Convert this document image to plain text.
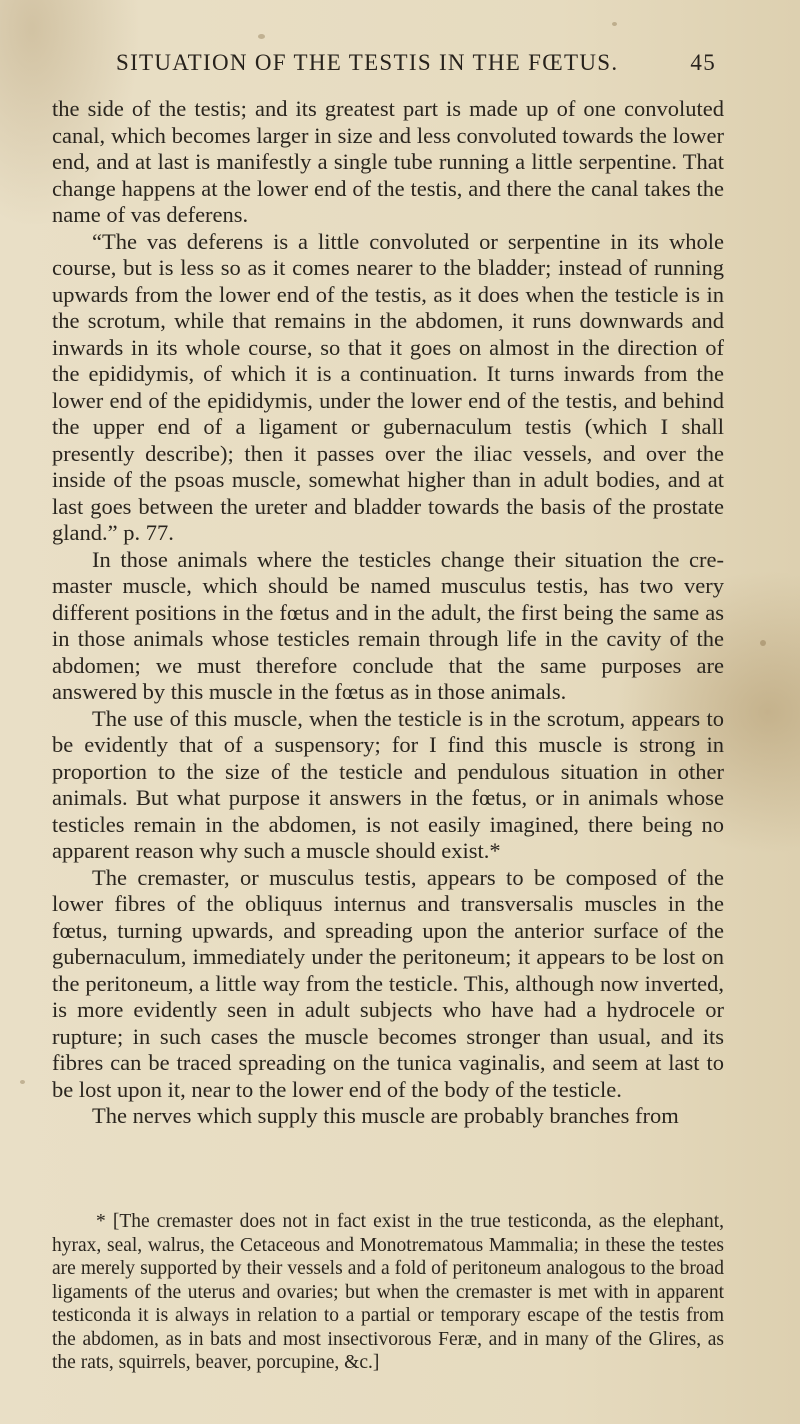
SITUATION OF THE TESTIS IN THE FŒTUS.	45

the side of the testis; and its greatest part is made up of one convoluted canal, which becomes larger in size and less convoluted towards the lower end, and at last is manifestly a single tube running a little serpentine. That change happens at the lower end of the testis, and there the canal takes the name of vas deferens.

“The vas deferens is a little convoluted or serpentine in its whole course, but is less so as it comes nearer to the bladder; instead of running upwards from the lower end of the testis, as it does when the testicle is in the scrotum, while that remains in the abdomen, it runs downwards and inwards in its whole course, so that it goes on almost in the direction of the epididymis, of which it is a continuation. It turns inwards from the lower end of the epididymis, under the lower end of the testis, and behind the upper end of a ligament or gubernaculum testis (which I shall presently describe); then it passes over the iliac vessels, and over the inside of the psoas muscle, somewhat higher than in adult bodies, and at last goes between the ureter and bladder towards the basis of the prostate gland.” p. 77.

In those animals where the testicles change their situation the cremaster muscle, which should be named musculus testis, has two very different positions in the fœtus and in the adult, the first being the same as in those animals whose testicles remain through life in the cavity of the abdomen; we must therefore conclude that the same purposes are answered by this muscle in the fœtus as in those animals.

The use of this muscle, when the testicle is in the scrotum, appears to be evidently that of a suspensory; for I find this muscle is strong in proportion to the size of the testicle and pendulous situation in other animals. But what purpose it answers in the fœtus, or in animals whose testicles remain in the abdomen, is not easily imagined, there being no apparent reason why such a muscle should exist.*

The cremaster, or musculus testis, appears to be composed of the lower fibres of the obliquus internus and transversalis muscles in the fœtus, turning upwards, and spreading upon the anterior surface of the gubernaculum, immediately under the peritoneum; it appears to be lost on the peritoneum, a little way from the testicle. This, although now inverted, is more evidently seen in adult subjects who have had a hydrocele or rupture; in such cases the muscle becomes stronger than usual, and its fibres can be traced spreading on the tunica vaginalis, and seem at last to be lost upon it, near to the lower end of the body of the testicle.

The nerves which supply this muscle are probably branches from

* [The cremaster does not in fact exist in the true testiconda, as the elephant, hyrax, seal, walrus, the Cetaceous and Monotrematous Mammalia; in these the testes are merely supported by their vessels and a fold of peritoneum analogous to the broad ligaments of the uterus and ovaries; but when the cremaster is met with in apparent testiconda it is always in relation to a partial or temporary escape of the testis from the abdomen, as in bats and most insectivorous Feræ, and in many of the Glires, as the rats, squirrels, beaver, porcupine, &c.]
